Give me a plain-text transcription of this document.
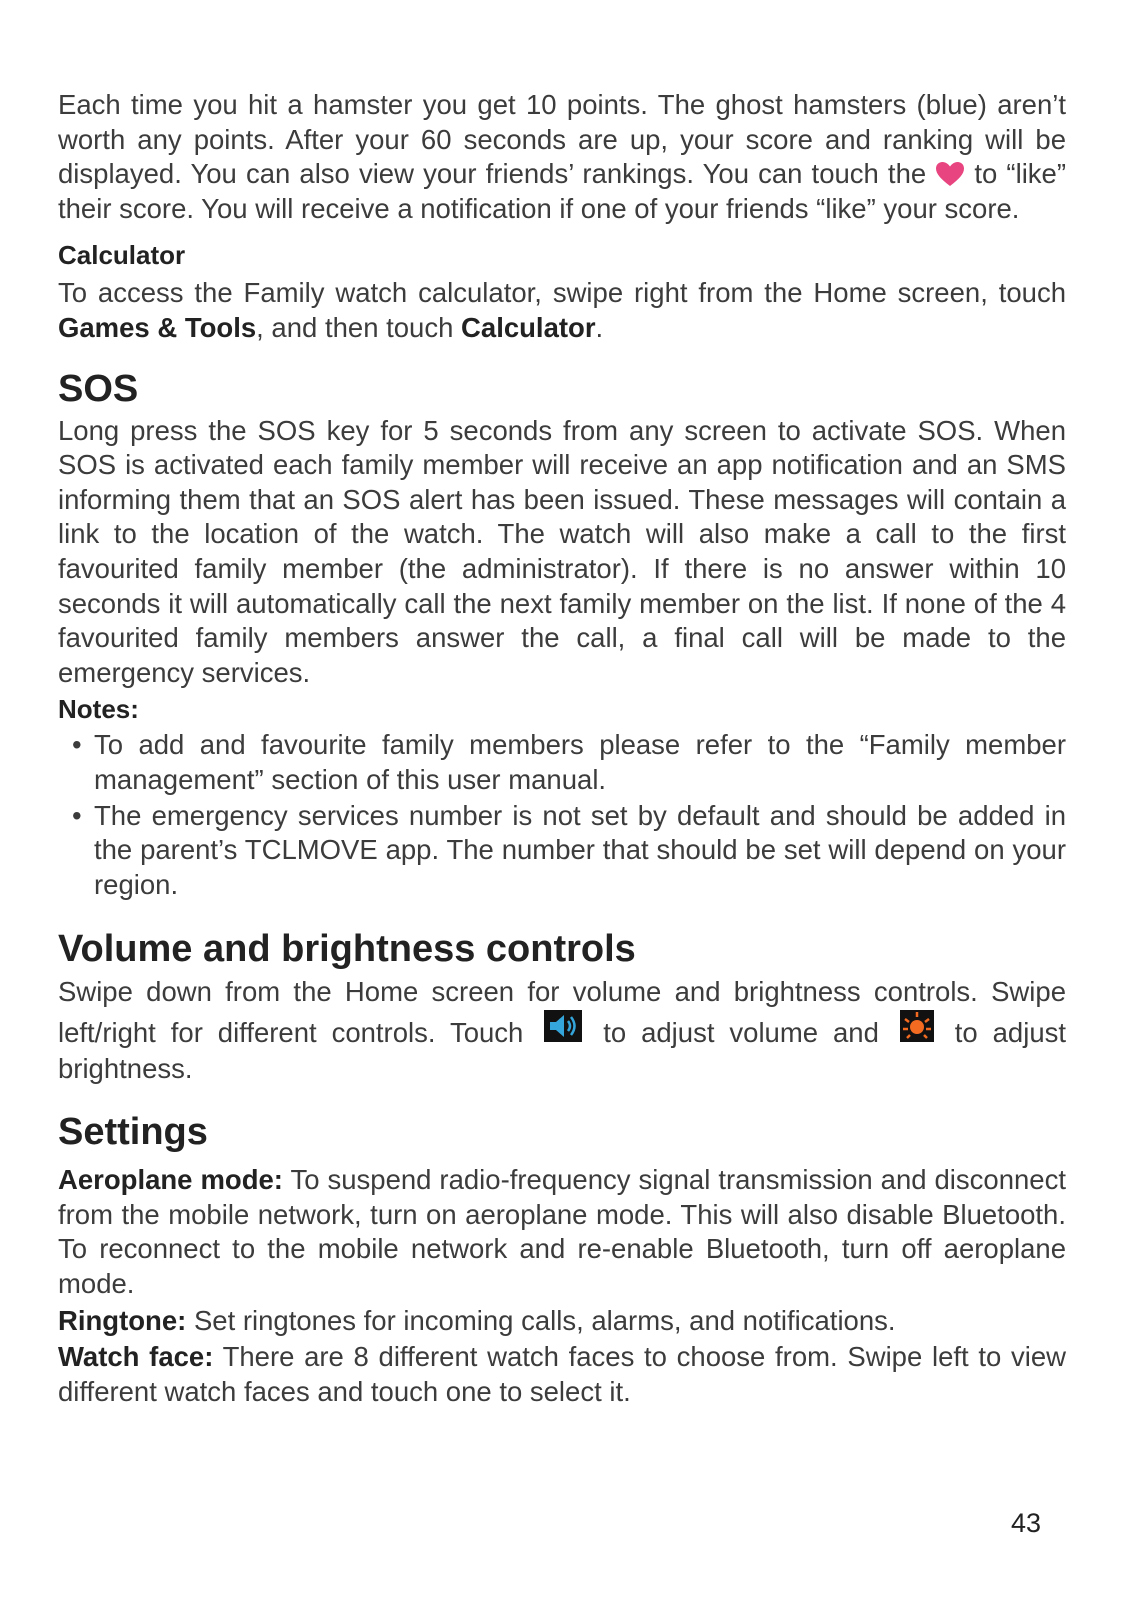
Each time you hit a hamster you get 10 points. The ghost hamsters (blue) aren’t worth any points. After your 60 seconds are up, your score and ranking will be displayed. You can also view your friends’ rankings. You can touch the to “like” their score. You will receive a notification if one of your friends “like” your score.

Calculator

To access the Family watch calculator, swipe right from the Home screen, touch Games & Tools, and then touch Calculator.

SOS

Long press the SOS key for 5 seconds from any screen to activate SOS. When SOS is activated each family member will receive an app notification and an SMS informing them that an SOS alert has been issued. These messages will contain a link to the location of the watch. The watch will also make a call to the first favourited family member (the administrator). If there is no answer within 10 seconds it will automatically call the next family member on the list. If none of the 4 favourited family members answer the call, a final call will be made to the emergency services.

Notes:
• To add and favourite family members please refer to the “Family member management” section of this user manual.
• The emergency services number is not set by default and should be added in the parent’s TCLMOVE app. The number that should be set will depend on your region.
Volume and brightness controls

Swipe down from the Home screen for volume and brightness controls. Swipe left/right for different controls. Touch	to adjust volume and	to adjust brightness.

Settings

Aeroplane mode: To suspend radio-frequency signal transmission and disconnect from the mobile network, turn on aeroplane mode. This will also disable Bluetooth. To reconnect to the mobile network and re-enable Bluetooth, turn off aeroplane mode.

Ringtone: Set ringtones for incoming calls, alarms, and notifications.

Watch face: There are 8 different watch faces to choose from. Swipe left to view different watch faces and touch one to select it.

43
